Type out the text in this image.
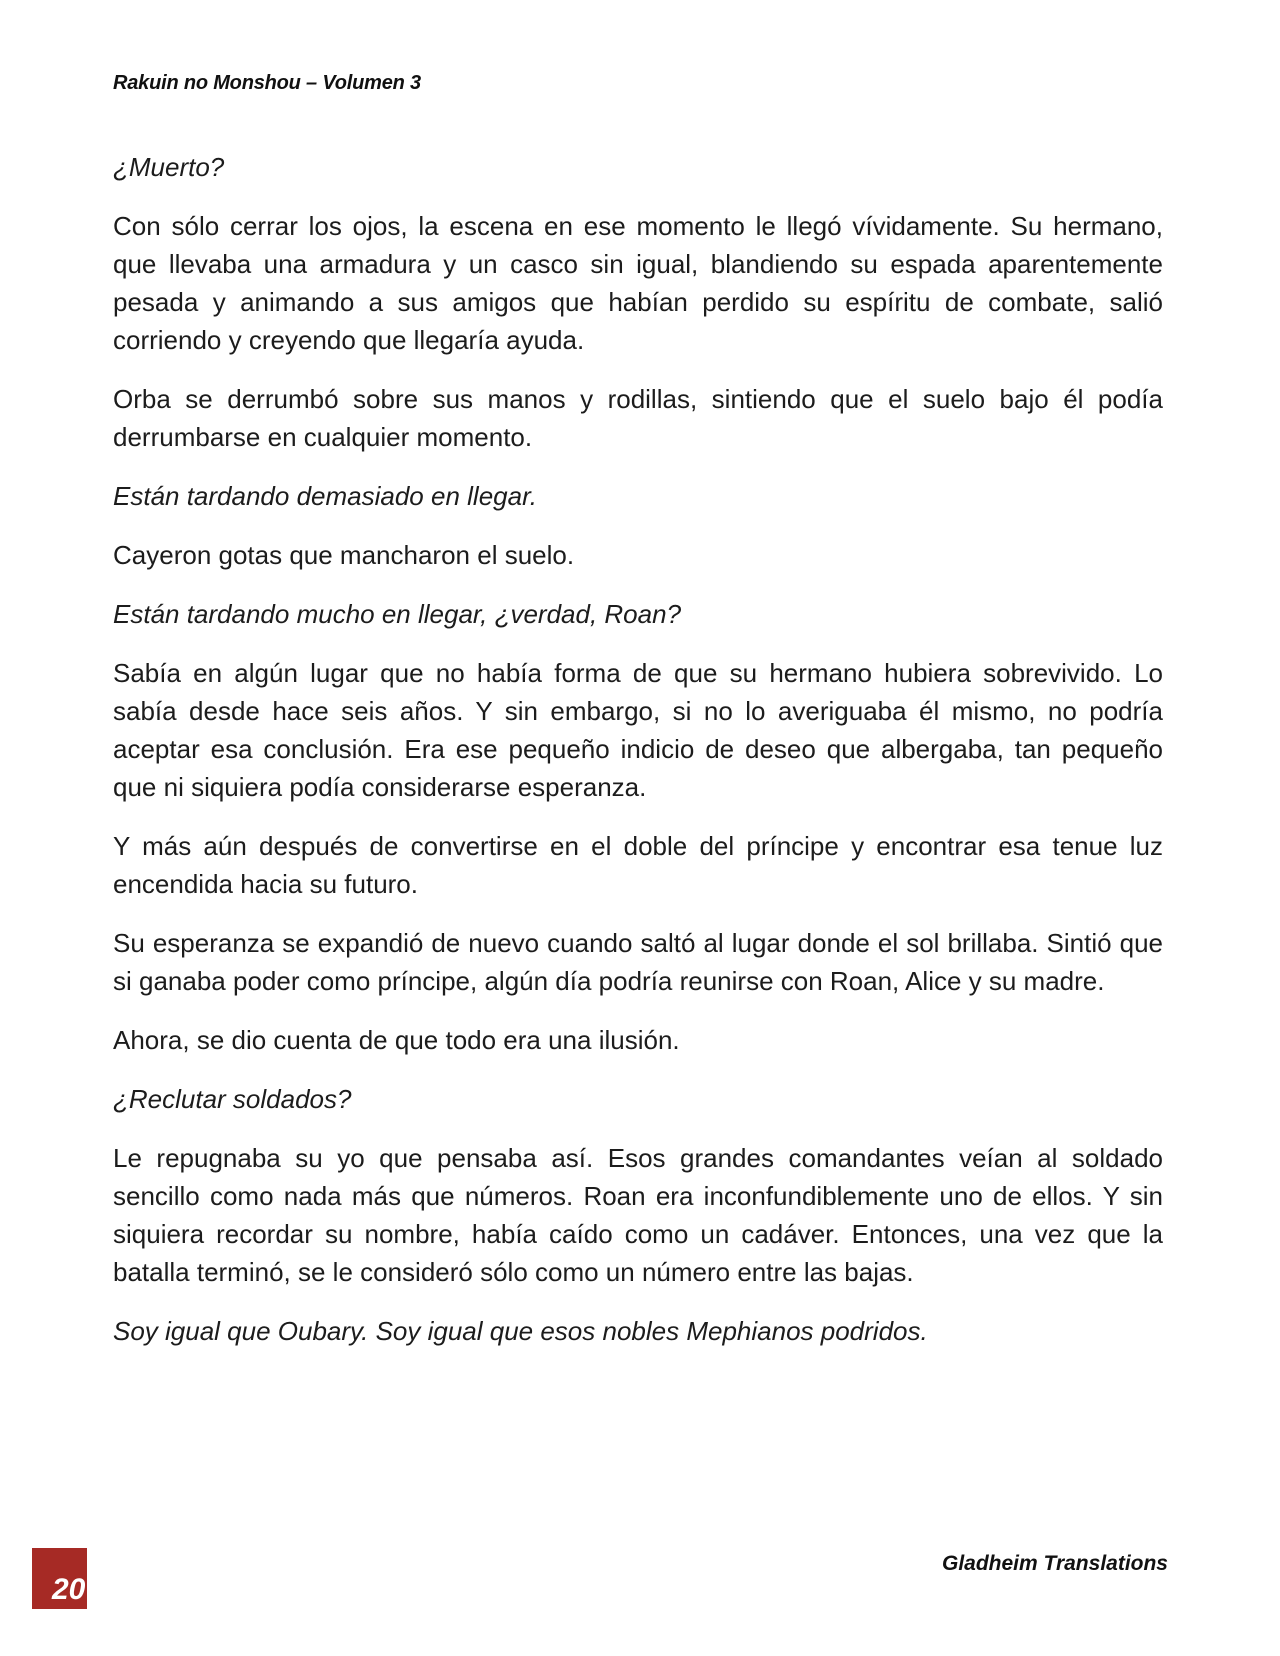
Rakuin no Monshou – Volumen 3

¿Muerto?

Con sólo cerrar los ojos, la escena en ese momento le llegó vívidamente. Su hermano, que llevaba una armadura y un casco sin igual, blandiendo su espada aparentemente pesada y animando a sus amigos que habían perdido su espíritu de combate, salió corriendo y creyendo que llegaría ayuda.

Orba se derrumbó sobre sus manos y rodillas, sintiendo que el suelo bajo él podía derrumbarse en cualquier momento.

Están tardando demasiado en llegar.

Cayeron gotas que mancharon el suelo.

Están tardando mucho en llegar, ¿verdad, Roan?

Sabía en algún lugar que no había forma de que su hermano hubiera sobrevivido. Lo sabía desde hace seis años. Y sin embargo, si no lo averiguaba él mismo, no podría aceptar esa conclusión. Era ese pequeño indicio de deseo que albergaba, tan pequeño que ni siquiera podía considerarse esperanza.

Y más aún después de convertirse en el doble del príncipe y encontrar esa tenue luz encendida hacia su futuro.

Su esperanza se expandió de nuevo cuando saltó al lugar donde el sol brillaba. Sintió que si ganaba poder como príncipe, algún día podría reunirse con Roan, Alice y su madre.

Ahora, se dio cuenta de que todo era una ilusión.

¿Reclutar soldados?

Le repugnaba su yo que pensaba así. Esos grandes comandantes veían al soldado sencillo como nada más que números. Roan era inconfundiblemente uno de ellos. Y sin siquiera recordar su nombre, había caído como un cadáver. Entonces, una vez que la batalla terminó, se le consideró sólo como un número entre las bajas.

Soy igual que Oubary. Soy igual que esos nobles Mephianos podridos.

20
Gladheim Translations
